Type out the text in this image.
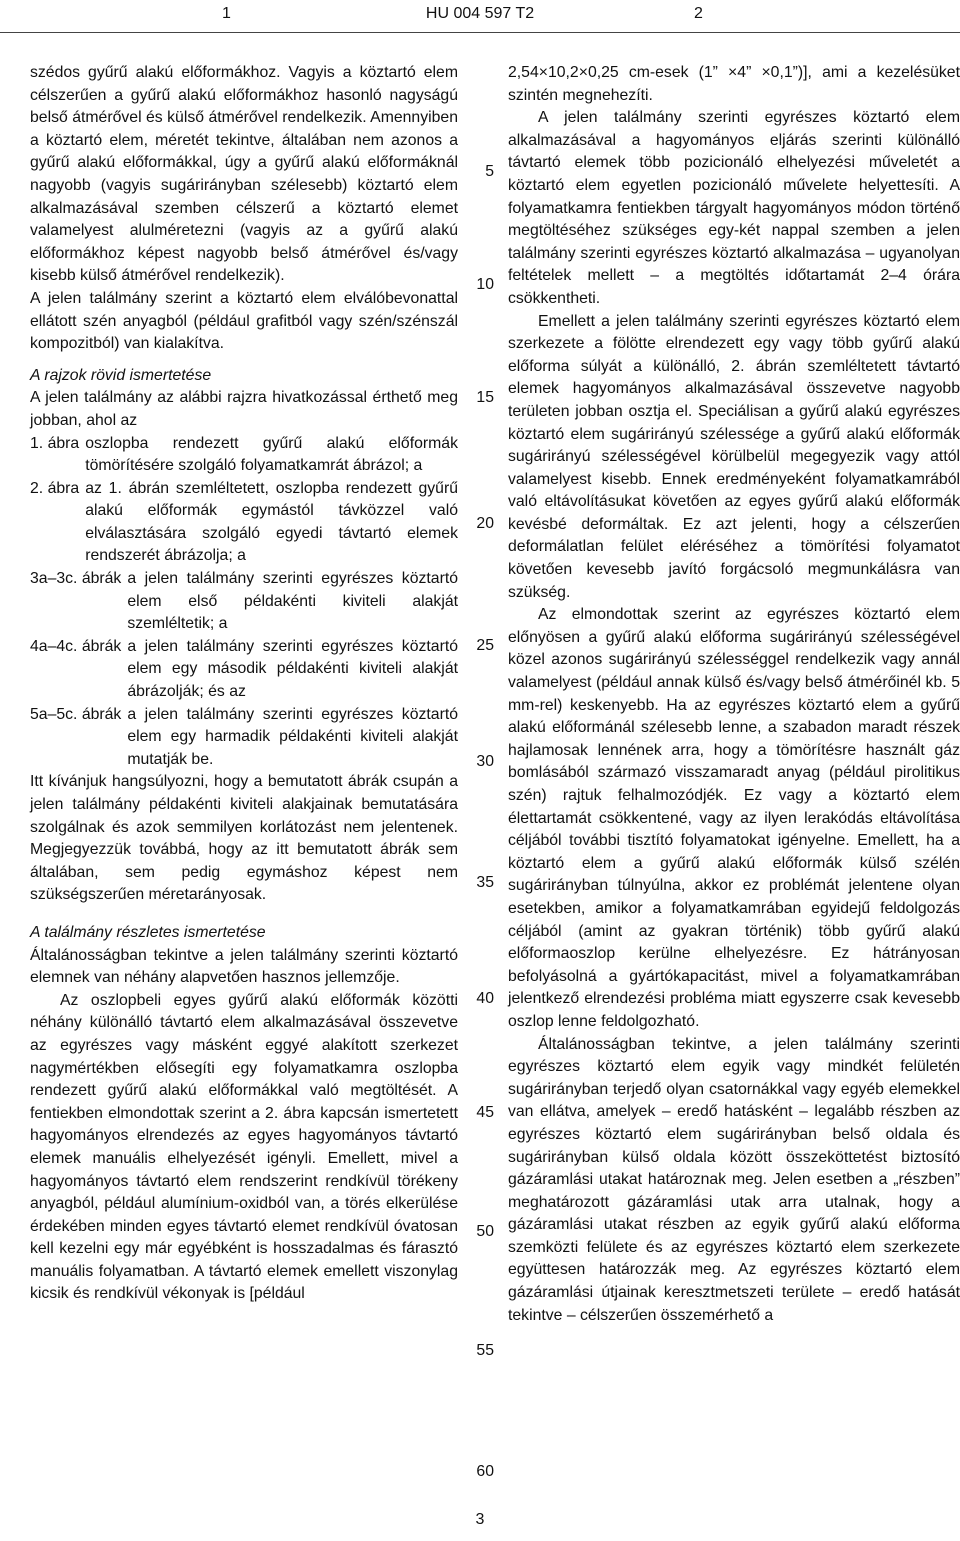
1	HU 004 597 T2	2

szédos gyűrű alakú előformákhoz. Vagyis a köztartó elem célszerűen a gyűrű alakú előformákhoz hasonló nagyságú belső átmérővel és külső átmérővel rendelkezik. Amennyiben a köztartó elem, méretét tekintve, általában nem azonos a gyűrű alakú előformákkal, úgy a gyűrű alakú előformáknál nagyobb (vagyis sugárirányban szélesebb) köztartó elem alkalmazásával szemben célszerű a köztartó elemet valamelyest alulméretezni (vagyis az a gyűrű alakú előformákhoz képest nagyobb belső átmérővel és/vagy kisebb külső átmérővel rendelkezik).

A jelen találmány szerint a köztartó elem elválóbevonattal ellátott szén anyagból (például grafitból vagy szén/szénszál kompozitból) van kialakítva.

A rajzok rövid ismertetése

A jelen találmány az alábbi rajzra hivatkozással érthető meg jobban, ahol az

1. ábra oszlopba rendezett gyűrű alakú előformák tömörítésére szolgáló folyamatkamrát ábrázol; a
2. ábra az 1. ábrán szemléltetett, oszlopba rendezett gyűrű alakú előformák egymástól távközzel való elválasztására szolgáló egyedi távtartó elemek rendszerét ábrázolja; a
3a–3c. ábrák a jelen találmány szerinti egyrészes köztartó elem első példakénti kiviteli alakját szemléltetik; a
4a–4c. ábrák a jelen találmány szerinti egyrészes köztartó elem egy második példakénti kiviteli alakját ábrázolják; és az
5a–5c. ábrák a jelen találmány szerinti egyrészes köztartó elem egy harmadik példakénti kiviteli alakját mutatják be.

Itt kívánjuk hangsúlyozni, hogy a bemutatott ábrák csupán a jelen találmány példakénti kiviteli alakjainak bemutatására szolgálnak és azok semmilyen korlátozást nem jelentenek. Megjegyezzük továbbá, hogy az itt bemutatott ábrák sem általában, sem pedig egymáshoz képest nem szükségszerűen méretarányosak.

A találmány részletes ismertetése

Általánosságban tekintve a jelen találmány szerinti köztartó elemnek van néhány alapvetően hasznos jellemzője.

Az oszlopbeli egyes gyűrű alakú előformák közötti néhány különálló távtartó elem alkalmazásával összevetve az egyrészes vagy másként eggyé alakított szerkezet nagymértékben elősegíti egy folyamatkamra oszlopba rendezett gyűrű alakú előformákkal való megtöltését. A fentiekben elmondottak szerint a 2. ábra kapcsán ismertetett hagyományos elrendezés az egyes hagyományos távtartó elemek manuális elhelyezését igényli. Emellett, mivel a hagyományos távtartó elem rendszerint rendkívül törékeny anyagból, például alumínium-oxidból van, a törés elkerülése érdekében minden egyes távtartó elemet rendkívül óvatosan kell kezelni egy már egyébként is hosszadalmas és fárasztó manuális folyamatban. A távtartó elemek emellett viszonylag kicsik és rendkívül vékonyak is [például

5
10
15
20
25
30
35
40
45
50
55
60

2,54×10,2×0,25 cm-esek (1” ×4” ×0,1”)], ami a kezelésüket szintén megnehezíti.

A jelen találmány szerinti egyrészes köztartó elem alkalmazásával a hagyományos eljárás szerinti különálló távtartó elemek több pozicionáló elhelyezési műveletét a köztartó elem egyetlen pozicionáló művelete helyettesíti. A folyamatkamra fentiekben tárgyalt hagyományos módon történő megtöltéséhez szükséges egy-két nappal szemben a jelen találmány szerinti egyrészes köztartó alkalmazása – ugyanolyan feltételek mellett – a megtöltés időtartamát 2–4 órára csökkentheti.

Emellett a jelen találmány szerinti egyrészes köztartó elem szerkezete a fölötte elrendezett egy vagy több gyűrű alakú előforma súlyát a különálló, 2. ábrán szemléltetett távtartó elemek hagyományos alkalmazásával összevetve nagyobb területen jobban osztja el. Speciálisan a gyűrű alakú egyrészes köztartó elem sugárirányú szélessége a gyűrű alakú előformák sugárirányú szélességével körülbelül megegyezik vagy attól valamelyest kisebb. Ennek eredményeként folyamatkamrából való eltávolításukat követően az egyes gyűrű alakú előformák kevésbé deformáltak. Ez azt jelenti, hogy a célszerűen deformálatlan felület eléréséhez a tömörítési folyamatot követően kevesebb javító forgácsoló megmunkálásra van szükség.

Az elmondottak szerint az egyrészes köztartó elem előnyösen a gyűrű alakú előforma sugárirányú szélességével közel azonos sugárirányú szélességgel rendelkezik vagy annál valamelyest (például annak külső és/vagy belső átmérőinél kb. 5 mm-rel) keskenyebb. Ha az egyrészes köztartó elem a gyűrű alakú előformánál szélesebb lenne, a szabadon maradt részek hajlamosak lennének arra, hogy a tömörítésre használt gáz bomlásából származó visszamaradt anyag (például pirolitikus szén) rajtuk felhalmozódjék. Ez vagy a köztartó elem élettartamát csökkentené, vagy az ilyen lerakódás eltávolítása céljából további tisztító folyamatokat igényelne. Emellett, ha a köztartó elem a gyűrű alakú előformák külső szélén sugárirányban túlnyúlna, akkor ez problémát jelentene olyan esetekben, amikor a folyamatkamrában egyidejű feldolgozás céljából (amint az gyakran történik) több gyűrű alakú előformaoszlop kerülne elhelyezésre. Ez hátrányosan befolyásolná a gyártókapacitást, mivel a folyamatkamrában jelentkező elrendezési probléma miatt egyszerre csak kevesebb oszlop lenne feldolgozható.

Általánosságban tekintve, a jelen találmány szerinti egyrészes köztartó elem egyik vagy mindkét felületén sugárirányban terjedő olyan csatornákkal vagy egyéb elemekkel van ellátva, amelyek – eredő hatásként – legalább részben az egyrészes köztartó elem sugárirányban belső oldala és sugárirányban külső oldala között összeköttetést biztosító gázáramlási utakat határoznak meg. Jelen esetben a „részben” meghatározott gázáramlási utak arra utalnak, hogy a gázáramlási utakat részben az egyik gyűrű alakú előforma szemközti felülete és az egyrészes köztartó elem szerkezete együttesen határozzák meg. Az egyrészes köztartó elem gázáramlási útjainak keresztmetszeti területe – eredő hatását tekintve – célszerűen összemérhető a

3
